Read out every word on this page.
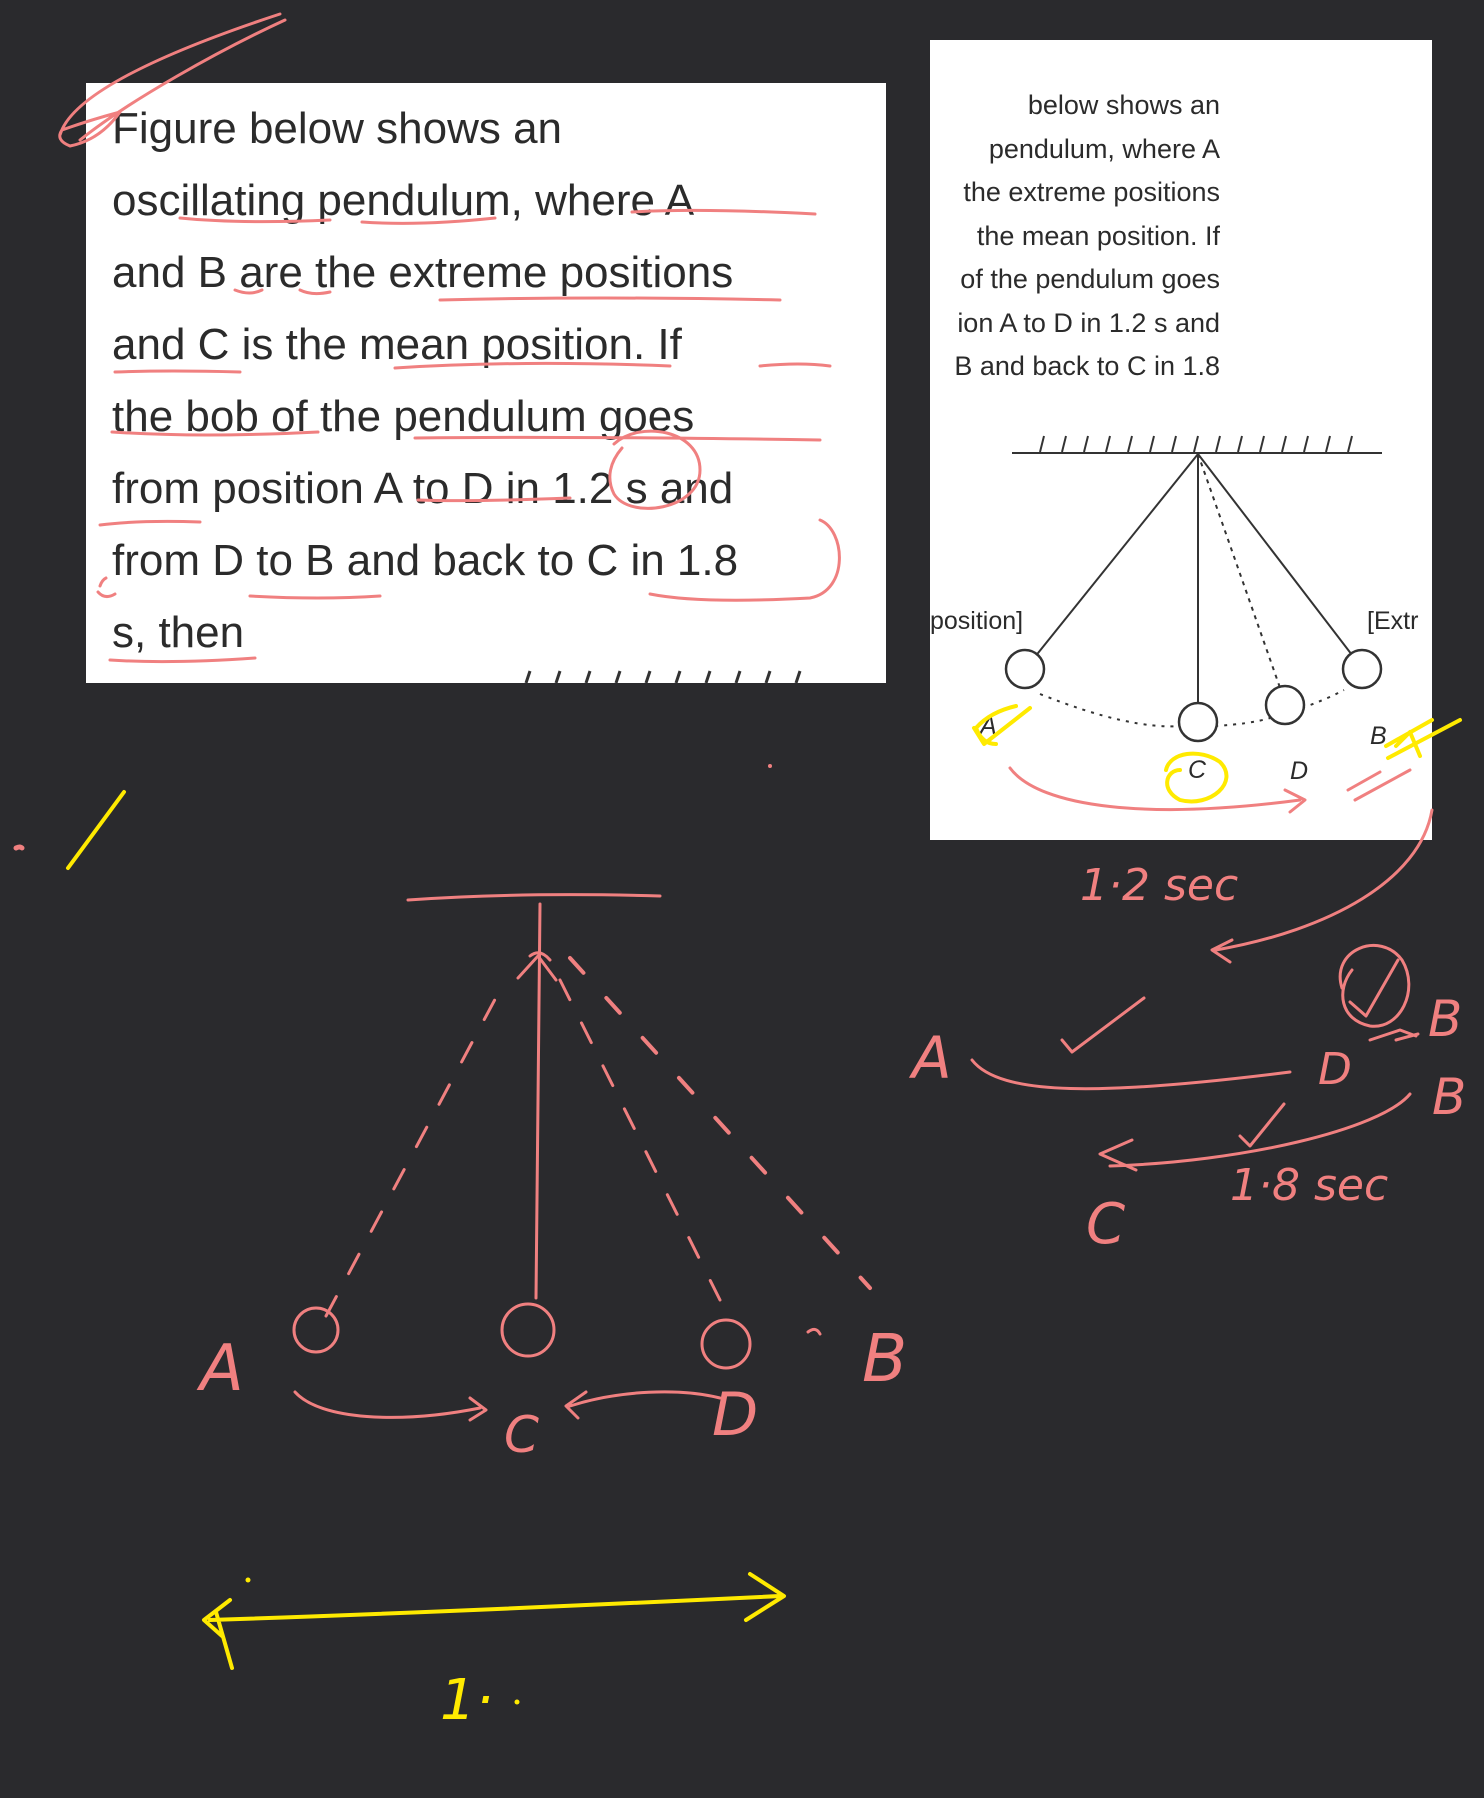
Figure below shows an
oscillating pendulum, where A
and B are the extreme positions
and C is the mean position. If
the bob of the pendulum goes
from position A to D in 1.2 s and
from D to B and back to C in 1.8
s, then
below shows an
pendulum, where A
the extreme positions
the mean position. If
of the pendulum goes
ion A to D in 1.2 s and
B and back to C in 1.8
position]	[Extr
A	B
C	D
1·2 sec
1·8 sec
A
B
B
C
D
A	B
C	D
1·
